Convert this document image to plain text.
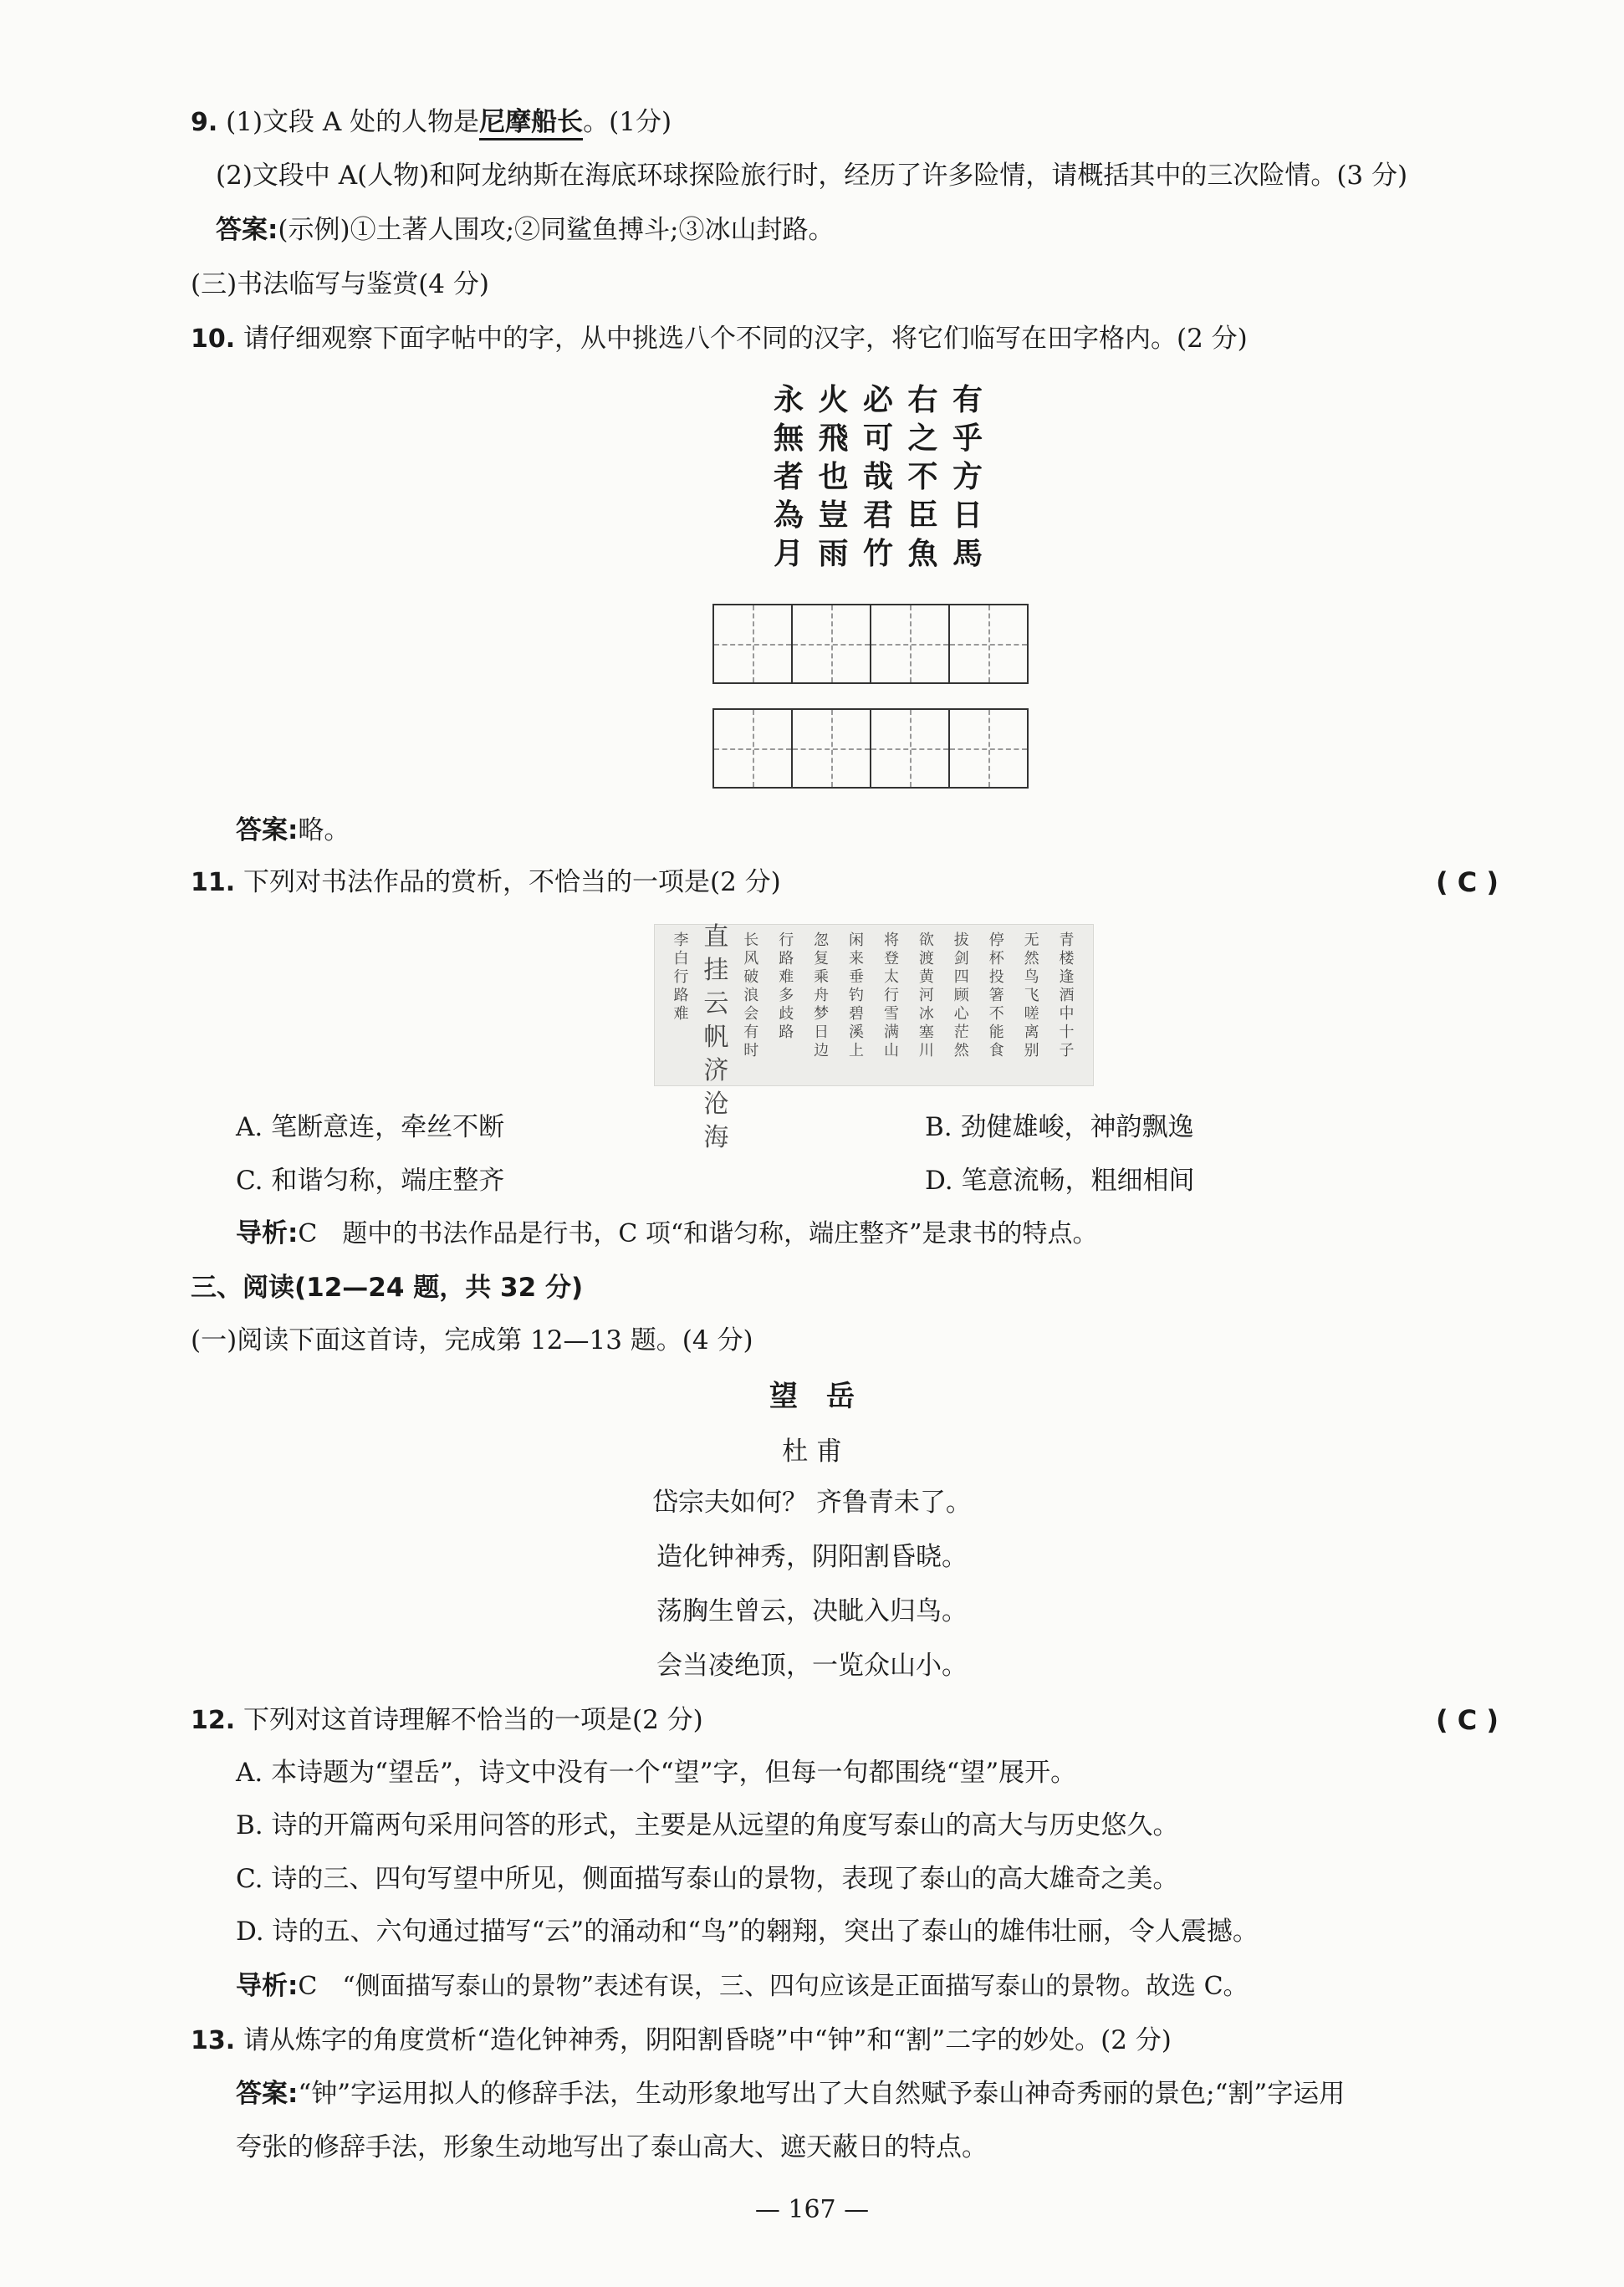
9. (1)文段 A 处的人物是尼摩船长。(1分)
(2)文段中 A(人物)和阿龙纳斯在海底环球探险旅行时，经历了许多险情，请概括其中的三次险情。(3 分)
答案:(示例)①土著人围攻;②同鲨鱼搏斗;③冰山封路。
(三)书法临写与鉴赏(4 分)
10. 请仔细观察下面字帖中的字，从中挑选八个不同的汉字，将它们临写在田字格内。(2 分)
永 火 必 右 有
無 飛 可 之 乎
者 也 哉 不 方
為 豈 君 臣 日
月 雨 竹 魚 馬
答案:略。
11. 下列对书法作品的赏析，不恰当的一项是(2 分)	( C )
青
楼
逢
酒
中
十
子
无
然
鸟
飞
嗟
离
别
停
杯
投
箸
不
能
食
拔
剑
四
顾
心
茫
然
欲
渡
黄
河
冰
塞
川
将
登
太
行
雪
满
山
闲
来
垂
钓
碧
溪
上
忽
复
乘
舟
梦
日
边
行
路
难
多
歧
路
长
风
破
浪
会
有
时
直
挂
云
帆
济
沧
海
李
白
行
路
难
A. 笔断意连，牵丝不断	B. 劲健雄峻，神韵飘逸
C. 和谐匀称，端庄整齐	D. 笔意流畅，粗细相间
导析:C　题中的书法作品是行书，C 项“和谐匀称，端庄整齐”是隶书的特点。
三、阅读(12—24 题，共 32 分)
(一)阅读下面这首诗，完成第 12—13 题。(4 分)
望　岳
杜 甫
岱宗夫如何？ 齐鲁青未了。
造化钟神秀，阴阳割昏晓。
荡胸生曾云，决眦入归鸟。
会当凌绝顶，一览众山小。
12. 下列对这首诗理解不恰当的一项是(2 分)	( C )
A. 本诗题为“望岳”，诗文中没有一个“望”字，但每一句都围绕“望”展开。
B. 诗的开篇两句采用问答的形式，主要是从远望的角度写泰山的高大与历史悠久。
C. 诗的三、四句写望中所见，侧面描写泰山的景物，表现了泰山的高大雄奇之美。
D. 诗的五、六句通过描写“云”的涌动和“鸟”的翱翔，突出了泰山的雄伟壮丽，令人震撼。
导析:C　“侧面描写泰山的景物”表述有误，三、四句应该是正面描写泰山的景物。故选 C。
13. 请从炼字的角度赏析“造化钟神秀，阴阳割昏晓”中“钟”和“割”二字的妙处。(2 分)
答案:“钟”字运用拟人的修辞手法，生动形象地写出了大自然赋予泰山神奇秀丽的景色;“割”字运用
夸张的修辞手法，形象生动地写出了泰山高大、遮天蔽日的特点。
— 167 —
